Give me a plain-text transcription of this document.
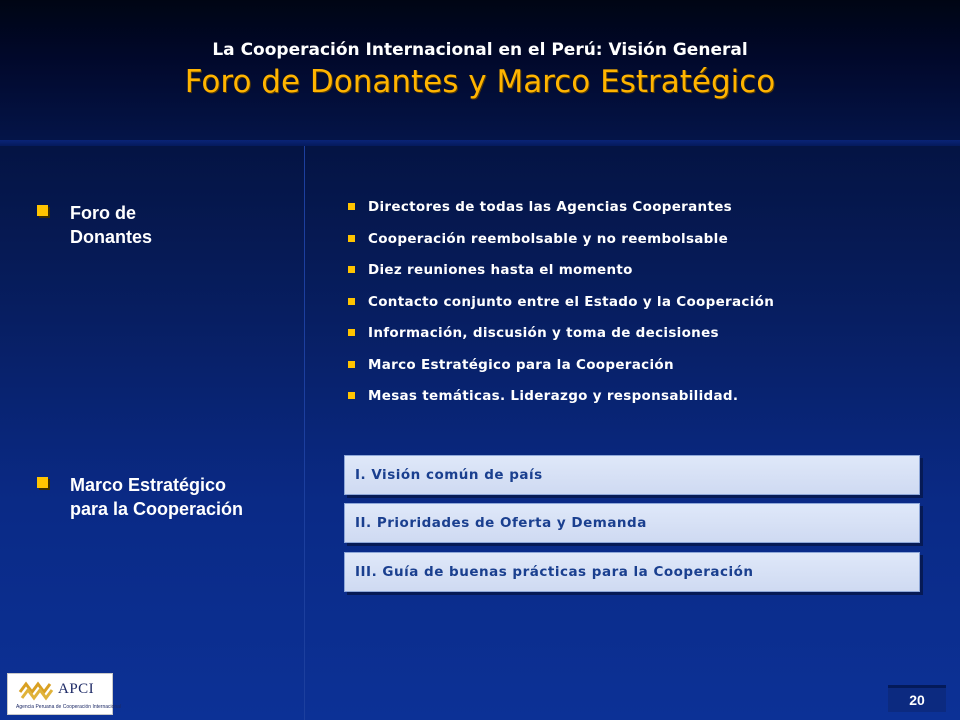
La Cooperación Internacional en el Perú: Visión General
Foro de Donantes y Marco Estratégico
Foro de
Donantes
Marco Estratégico
para la Cooperación
Directores de todas las Agencias Cooperantes
Cooperación reembolsable y no reembolsable
Diez reuniones hasta el momento
Contacto conjunto entre el Estado y la Cooperación
Información, discusión y toma de decisiones
Marco Estratégico para la Cooperación
Mesas temáticas. Liderazgo y responsabilidad.
I. Visión común de país
II. Prioridades de Oferta y Demanda
III. Guía de buenas prácticas para la Cooperación
APCI
Agencia Peruana de Cooperación Internacional	20
